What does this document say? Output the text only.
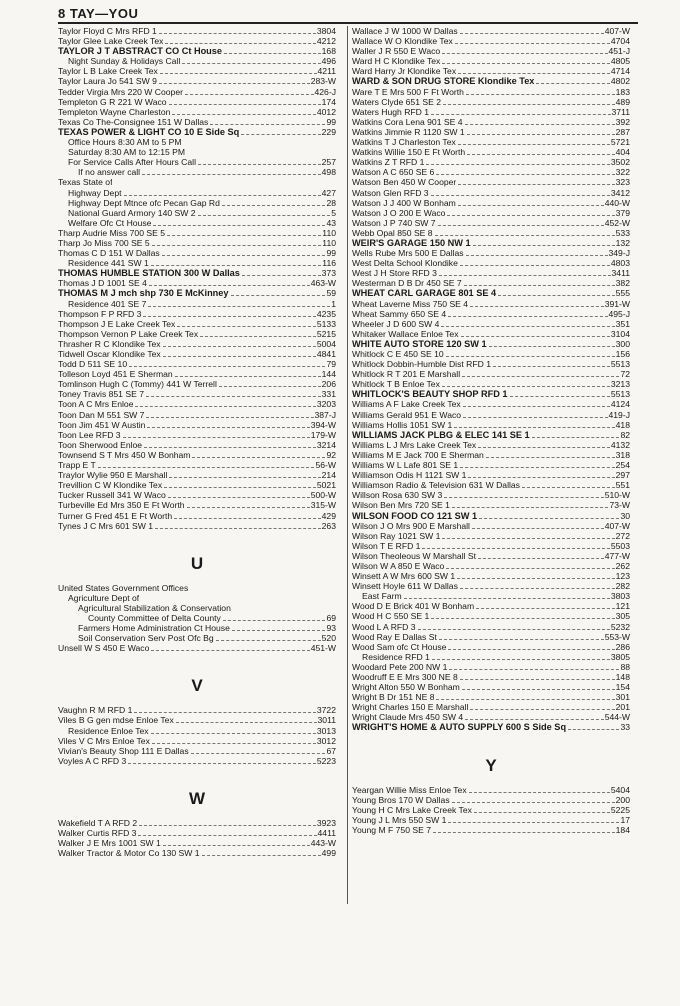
8 TAY—YOU
Taylor Floyd C Mrs RFD 1	3804
Taylor Glee Lake Creek Tex	4212
TAYLOR J T ABSTRACT CO Ct House	168
Night Sunday & Holidays Call	496
Taylor L B Lake Creek Tex	4211
Taylor Laura Jo 541 SW 9	283-W
Tedder Virgia Mrs 220 W Cooper	426-J
Templeton G R 221 W Waco	174
Templeton Wayne Charleston	4012
Texas Co The-Consignee 151 W Dallas	99
TEXAS POWER & LIGHT CO 10 E Side Sq	229
Office Hours 8:30 AM to 5 PM
Saturday 8:30 AM to 12:15 PM
For Service Calls After Hours Call	257
If no answer call	498
Texas State of
Highway Dept	427
Highway Dept Mtnce ofc Pecan Gap Rd	28
National Guard Armory 140 SW 2	5
Welfare Ofc Ct House	43
Tharp Audrie Miss 700 SE 5	110
Tharp Jo Miss 700 SE 5	110
Thomas C D 151 W Dallas	99
Residence 441 SW 1	116
THOMAS HUMBLE STATION 300 W Dallas	373
Thomas J D 1001 SE 4	463-W
THOMAS M J mch shp 730 E McKinney	59
Residence 401 SE 7	1
Thompson F P RFD 3	4235
Thompson J E Lake Creek Tex	5133
Thompson Vernon P Lake Creek Tex	5215
Thrasher R C Klondike Tex	5004
Tidwell Oscar Klondike Tex	4841
Todd D 511 SE 10	79
Tolleson Loyd 451 E Sherman	144
Tomlinson Hugh C (Tommy) 441 W Terrell	206
Toney Travis 851 SE 7	331
Toon A C Mrs Enloe	3203
Toon Dan M 551 SW 7	387-J
Toon Jim 451 W Austin	394-W
Toon Lee RFD 3	179-W
Toon Sherwood Enloe	3214
Townsend S T Mrs 450 W Bonham	92
Trapp E T	56-W
Traylor Wylie 950 E Marshall	214
Trevillion C W Klondike Tex	5021
Tucker Russell 341 W Waco	500-W
Turbeville Ed Mrs 350 E Ft Worth	315-W
Turner G Fred 451 E Ft Worth	429
Tynes J C Mrs 601 SW 1	263
U
United States Government Offices
Agriculture Dept of
Agricultural Stabilization & Conservation
County Committee of Delta County	69
Farmers Home Administration Ct House	93
Soil Conservation Serv Post Ofc Bg	520
Unsell W S 450 E Waco	451-W
V
Vaughn R M RFD 1	3722
Viles B G gen mdse Enloe Tex	3011
Residence Enloe Tex	3013
Viles V C Mrs Enloe Tex	3012
Vivian's Beauty Shop 111 E Dallas	67
Voyles A C RFD 3	5223
W
Wakefield T A RFD 2	3923
Walker Curtis RFD 3	4411
Walker J E Mrs 1001 SW 1	443-W
Walker Tractor & Motor Co 130 SW 1	499
Wallace J W 1000 W Dallas	407-W
Wallace W O Klondike Tex	4704
Waller J R 550 E Waco	451-J
Ward H C Klondike Tex	4805
Ward Harry Jr Klondike Tex	4714
WARD & SON DRUG STORE Klondike Tex	4802
Ware T E Mrs 500 F Ft Worth	183
Waters Clyde 651 SE 2	489
Waters Hugh RFD 1	3711
Watkins Cora Lena 901 SE 4	392
Watkins Jimmie R 1120 SW 1	287
Watkins T J Charleston Tex	5721
Watkins Willie 150 E Ft Worth	404
Watkins Z T RFD 1	3502
Watson A C 650 SE 6	322
Watson Ben 450 W Cooper	323
Watson Glen RFD 3	3412
Watson J J 400 W Bonham	440-W
Watson J O 200 E Waco	379
Watson J P 740 SW 7	452-W
Webb Opal 850 SE 8	533
WEIR'S GARAGE 150 NW 1	132
Wells Rube Mrs 500 E Dallas	349-J
West Delta School Klondike	4803
West J H Store RFD 3	3411
Westerman D B Dr 450 SE 7	382
WHEAT CARL GARAGE 801 SE 4	555
Wheat Laverne Miss 750 SE 4	391-W
Wheat Sammy 650 SE 4	495-J
Wheeler J D 600 SW 4	351
Whitaker Wallace Enloe Tex	3104
WHITE AUTO STORE 120 SW 1	300
Whitlock C E 450 SE 10	156
Whitlock Dobbin-Humble Dist RFD 1	5513
Whitlock R T 201 E Marshall	72
Whitlock T B Enloe Tex	3213
WHITLOCK'S BEAUTY SHOP RFD 1	5513
Williams A F Lake Creek Tex	4124
Williams Gerald 951 E Waco	419-J
Williams Hollis 1051 SW 1	418
WILLIAMS JACK PLBG & ELEC 141 SE 1	82
Williams L J Mrs Lake Creek Tex	4132
Williams M E Jack 700 E Sherman	318
Williams W L Lafe 801 SE 1	254
Williamson Odis H 1121 SW 1	297
Williamson Radio & Television 631 W Dallas	551
Willson Rosa 630 SW 3	510-W
Wilson Ben Mrs 720 SE 1	73-W
WILSON FOOD CO 121 SW 1	30
Wilson J O Mrs 900 E Marshall	407-W
Wilson Ray 1021 SW 1	272
Wilson T E RFD 1	5503
Wilson Theoleous W Marshall St	477-W
Wilson W A 850 E Waco	262
Winsett A W Mrs 600 SW 1	123
Winsett Hoyle 611 W Dallas	282
East Farm	3803
Wood D E Brick 401 W Bonham	121
Wood H C 550 SE 1	305
Wood L A RFD 3	5232
Wood Ray E Dallas St	553-W
Wood Sam ofc Ct House	286
Residence RFD 1	3805
Woodard Pete 200 NW 1	88
Woodruff E E Mrs 300 NE 8	148
Wright Alton 550 W Bonham	154
Wright B Dr 151 NE 8	301
Wright Charles 150 E Marshall	201
Wright Claude Mrs 450 SW 4	544-W
WRIGHT'S HOME & AUTO SUPPLY 600 S Side Sq	33
Y
Yeargan Willie Miss Enloe Tex	5404
Young Bros 170 W Dallas	200
Young H C Mrs Lake Creek Tex	5225
Young J L Mrs 550 SW 1	17
Young M F 750 SE 7	184
